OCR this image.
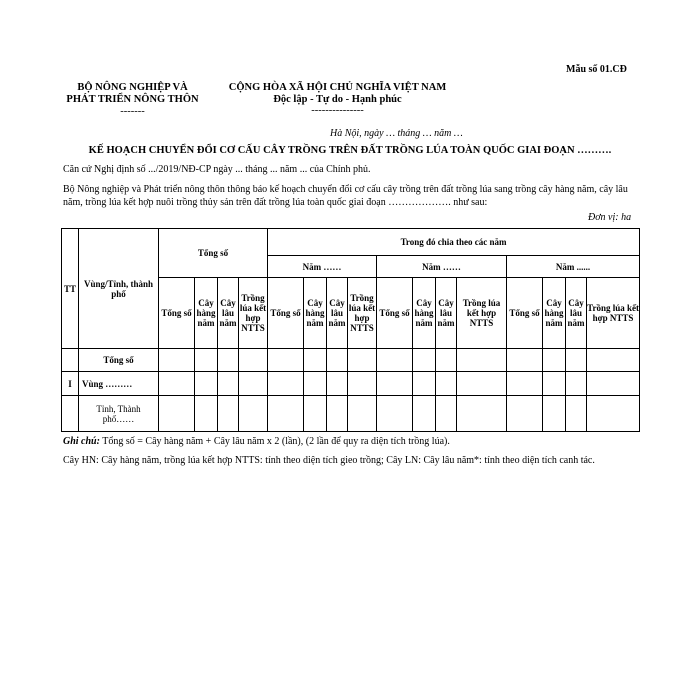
Mẫu số 01.CĐ
BỘ NÔNG NGHIỆP VÀ
PHÁT TRIỂN NÔNG THÔN
-------
CỘNG HÒA XÃ HỘI CHỦ NGHĨA VIỆT NAM
Độc lập - Tự do - Hạnh phúc
---------------
Hà Nội, ngày … tháng … năm …
KẾ HOẠCH CHUYỂN ĐỔI CƠ CẤU CÂY TRỒNG TRÊN ĐẤT TRỒNG LÚA TOÀN QUỐC GIAI ĐOẠN ……….
Căn cứ Nghị định số .../2019/NĐ-CP ngày ... tháng ... năm ... của Chính phủ.
Bộ Nông nghiệp và Phát triển nông thôn thông báo kế hoạch chuyển đổi cơ cấu cây trồng trên đất trồng lúa sang trồng cây hàng năm, cây lâu năm, trồng lúa kết hợp nuôi trồng thủy sản trên đất trồng lúa toàn quốc giai đoạn ………………. như sau:
Đơn vị: ha
TT	Vùng/Tỉnh, thành phố	Tổng số				Trong đó chia theo các năm											
						Năm ……				Năm ……				Năm ......			
		Tổng số	Cây hàng năm	Cây lâu năm	Trồng lúa kết hợp NTTS	Tổng số	Cây hàng năm	Cây lâu năm	Trồng lúa kết hợp NTTS	Tổng số	Cây hàng năm	Cây lâu năm	Trồng lúa kết hợp NTTS	Tổng số	Cây hàng năm	Cây lâu năm	Trồng lúa kết hợp NTTS
	Tổng số																
I	Vùng ………																
	Tỉnh, Thành phố……																
Ghi chú: Tổng số = Cây hàng năm + Cây lâu năm x 2 (lần), (2 lần để quy ra diện tích trồng lúa).
Cây HN: Cây hàng năm, trồng lúa kết hợp NTTS: tính theo diện tích gieo trồng; Cây LN: Cây lâu năm*: tính theo diện tích canh tác.
